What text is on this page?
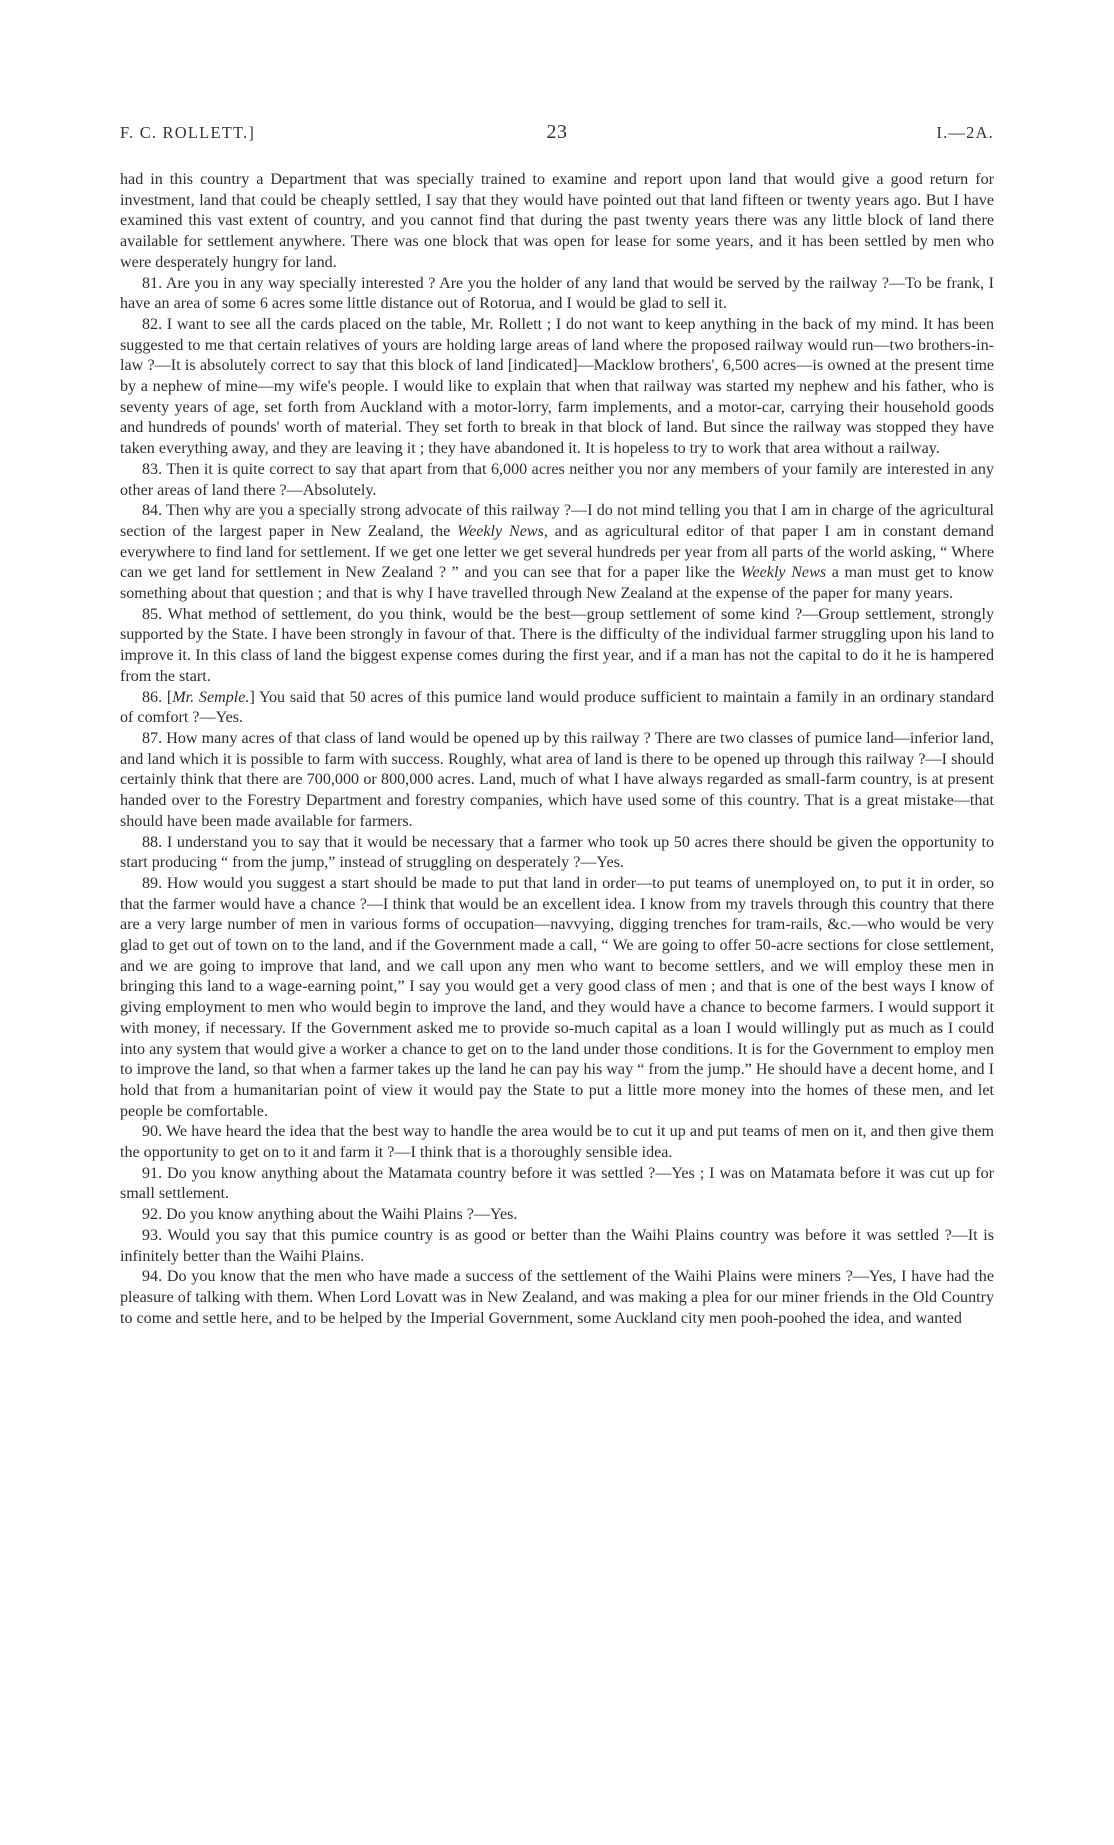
F. C. ROLLETT.]	23	I.—2A.

had in this country a Department that was specially trained to examine and report upon land that would give a good return for investment, land that could be cheaply settled, I say that they would have pointed out that land fifteen or twenty years ago. But I have examined this vast extent of country, and you cannot find that during the past twenty years there was any little block of land there available for settlement anywhere. There was one block that was open for lease for some years, and it has been settled by men who were desperately hungry for land.

81. Are you in any way specially interested ? Are you the holder of any land that would be served by the railway ?—To be frank, I have an area of some 6 acres some little distance out of Rotorua, and I would be glad to sell it.

82. I want to see all the cards placed on the table, Mr. Rollett ; I do not want to keep anything in the back of my mind. It has been suggested to me that certain relatives of yours are holding large areas of land where the proposed railway would run—two brothers-in-law ?—It is absolutely correct to say that this block of land [indicated]—Macklow brothers', 6,500 acres—is owned at the present time by a nephew of mine—my wife's people. I would like to explain that when that railway was started my nephew and his father, who is seventy years of age, set forth from Auckland with a motor-lorry, farm implements, and a motor-car, carrying their household goods and hundreds of pounds' worth of material. They set forth to break in that block of land. But since the railway was stopped they have taken everything away, and they are leaving it ; they have abandoned it. It is hopeless to try to work that area without a railway.

83. Then it is quite correct to say that apart from that 6,000 acres neither you nor any members of your family are interested in any other areas of land there ?—Absolutely.

84. Then why are you a specially strong advocate of this railway ?—I do not mind telling you that I am in charge of the agricultural section of the largest paper in New Zealand, the Weekly News, and as agricultural editor of that paper I am in constant demand everywhere to find land for settlement. If we get one letter we get several hundreds per year from all parts of the world asking, “ Where can we get land for settlement in New Zealand ? ” and you can see that for a paper like the Weekly News a man must get to know something about that question ; and that is why I have travelled through New Zealand at the expense of the paper for many years.

85. What method of settlement, do you think, would be the best—group settlement of some kind ?—Group settlement, strongly supported by the State. I have been strongly in favour of that. There is the difficulty of the individual farmer struggling upon his land to improve it. In this class of land the biggest expense comes during the first year, and if a man has not the capital to do it he is hampered from the start.

86. [Mr. Semple.] You said that 50 acres of this pumice land would produce sufficient to maintain a family in an ordinary standard of comfort ?—Yes.

87. How many acres of that class of land would be opened up by this railway ? There are two classes of pumice land—inferior land, and land which it is possible to farm with success. Roughly, what area of land is there to be opened up through this railway ?—I should certainly think that there are 700,000 or 800,000 acres. Land, much of what I have always regarded as small-farm country, is at present handed over to the Forestry Department and forestry companies, which have used some of this country. That is a great mistake—that should have been made available for farmers.

88. I understand you to say that it would be necessary that a farmer who took up 50 acres there should be given the opportunity to start producing “ from the jump,” instead of struggling on desperately ?—Yes.

89. How would you suggest a start should be made to put that land in order—to put teams of unemployed on, to put it in order, so that the farmer would have a chance ?—I think that would be an excellent idea. I know from my travels through this country that there are a very large number of men in various forms of occupation—navvying, digging trenches for tram-rails, &c.—who would be very glad to get out of town on to the land, and if the Government made a call, “ We are going to offer 50-acre sections for close settlement, and we are going to improve that land, and we call upon any men who want to become settlers, and we will employ these men in bringing this land to a wage-earning point,” I say you would get a very good class of men ; and that is one of the best ways I know of giving employment to men who would begin to improve the land, and they would have a chance to become farmers. I would support it with money, if necessary. If the Government asked me to provide so-much capital as a loan I would willingly put as much as I could into any system that would give a worker a chance to get on to the land under those conditions. It is for the Government to employ men to improve the land, so that when a farmer takes up the land he can pay his way “ from the jump.” He should have a decent home, and I hold that from a humanitarian point of view it would pay the State to put a little more money into the homes of these men, and let people be comfortable.

90. We have heard the idea that the best way to handle the area would be to cut it up and put teams of men on it, and then give them the opportunity to get on to it and farm it ?—I think that is a thoroughly sensible idea.

91. Do you know anything about the Matamata country before it was settled ?—Yes ; I was on Matamata before it was cut up for small settlement.

92. Do you know anything about the Waihi Plains ?—Yes.

93. Would you say that this pumice country is as good or better than the Waihi Plains country was before it was settled ?—It is infinitely better than the Waihi Plains.

94. Do you know that the men who have made a success of the settlement of the Waihi Plains were miners ?—Yes, I have had the pleasure of talking with them. When Lord Lovatt was in New Zealand, and was making a plea for our miner friends in the Old Country to come and settle here, and to be helped by the Imperial Government, some Auckland city men pooh-poohed the idea, and wanted
